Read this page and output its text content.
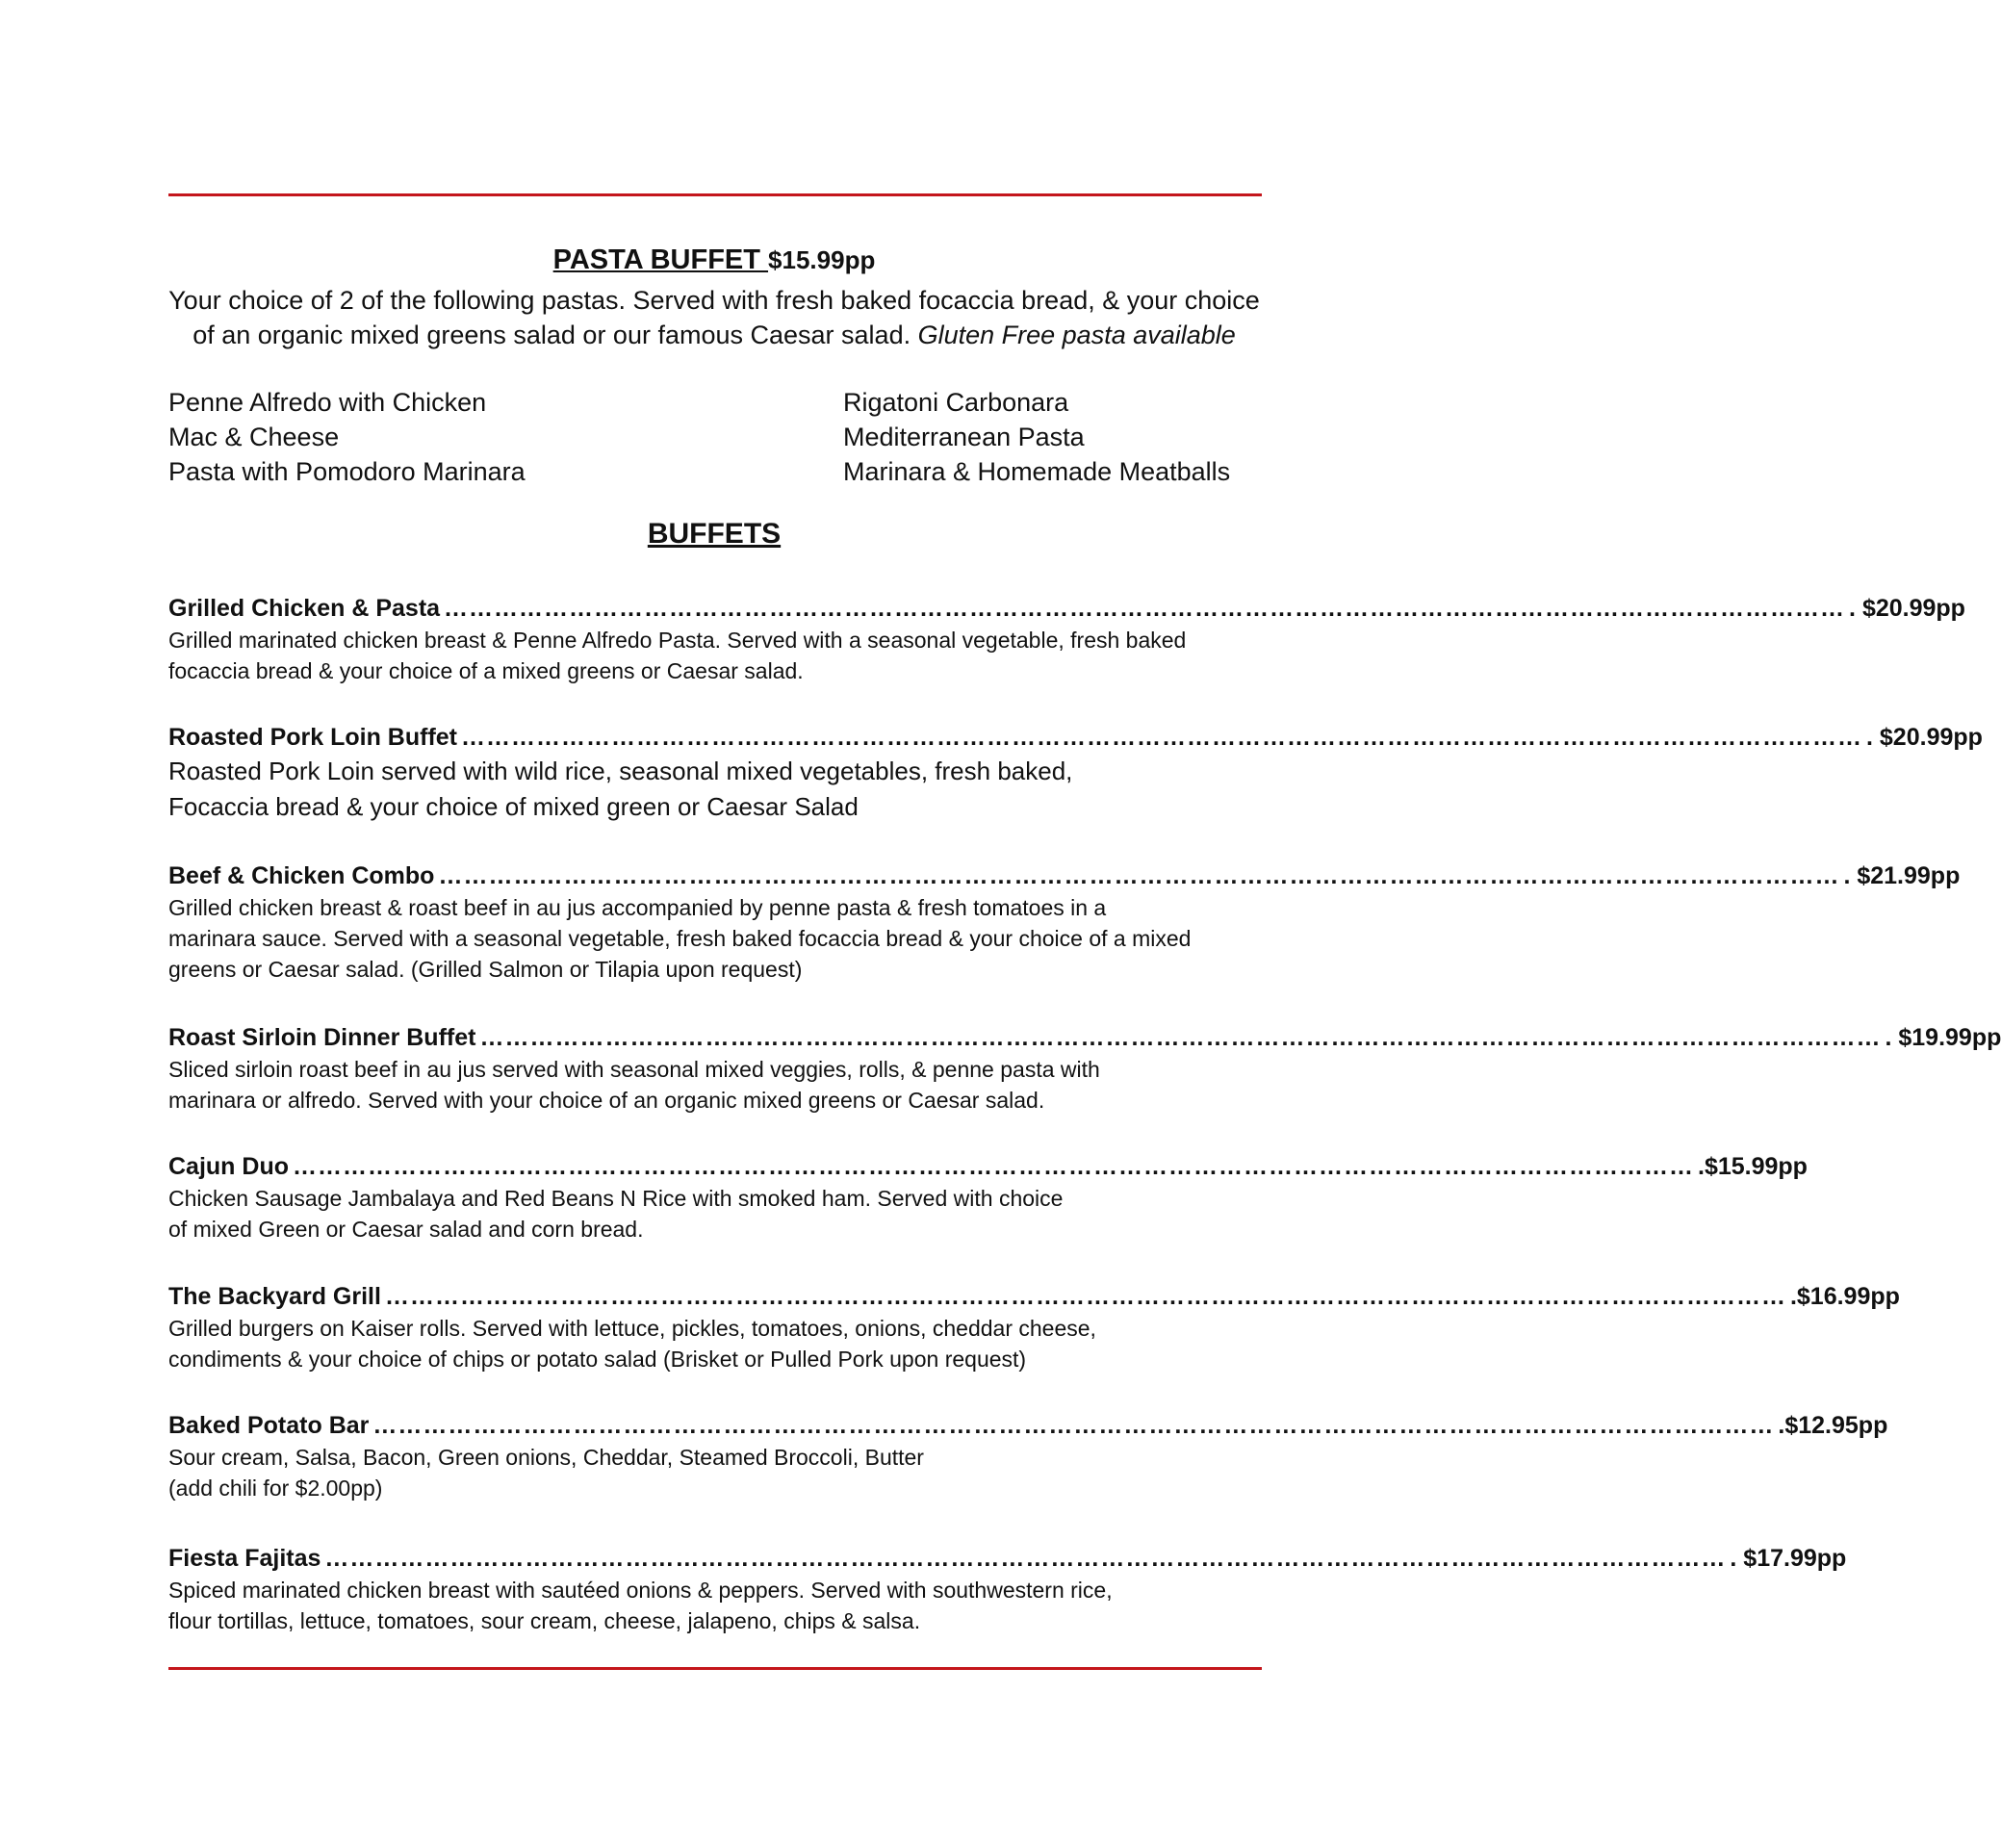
PASTA BUFFET $15.99pp
Your choice of 2 of the following pastas. Served with fresh baked focaccia bread, & your choice
of an organic mixed greens salad or our famous Caesar salad. Gluten Free pasta available
Penne Alfredo with Chicken
Mac & Cheese
Pasta with Pomodoro Marinara
Rigatoni Carbonara
Mediterranean Pasta
Marinara & Homemade Meatballs
BUFFETS
Grilled Chicken & Pasta …………………………………………………………………………………………………………………………………………………… . $20.99pp
Grilled marinated chicken breast & Penne Alfredo Pasta. Served with a seasonal vegetable, fresh baked
focaccia bread & your choice of a mixed greens or Caesar salad.
Roasted Pork Loin Buffet …………………………………………………………………………………………………………………………………………………… . $20.99pp
Roasted Pork Loin served with wild rice, seasonal mixed vegetables, fresh baked,
Focaccia bread & your choice of mixed green or Caesar Salad
Beef & Chicken Combo …………………………………………………………………………………………………………………………………………………… . $21.99pp
Grilled chicken breast & roast beef in au jus accompanied by penne pasta & fresh tomatoes in a
marinara sauce. Served with a seasonal vegetable, fresh baked focaccia bread & your choice of a mixed
greens or Caesar salad. (Grilled Salmon or Tilapia upon request)
Roast Sirloin Dinner Buffet …………………………………………………………………………………………………………………………………………………… . $19.99pp
Sliced sirloin roast beef in au jus served with seasonal mixed veggies, rolls, & penne pasta with
marinara or alfredo. Served with your choice of an organic mixed greens or Caesar salad.
Cajun Duo …………………………………………………………………………………………………………………………………………………… .$15.99pp
Chicken Sausage Jambalaya and Red Beans N Rice with smoked ham. Served with choice
of mixed Green or Caesar salad and corn bread.
The Backyard Grill …………………………………………………………………………………………………………………………………………………… .$16.99pp
Grilled burgers on Kaiser rolls. Served with lettuce, pickles, tomatoes, onions, cheddar cheese,
condiments & your choice of chips or potato salad (Brisket or Pulled Pork upon request)
Baked Potato Bar …………………………………………………………………………………………………………………………………………………… .$12.95pp
Sour cream, Salsa, Bacon, Green onions, Cheddar, Steamed Broccoli, Butter
(add chili for $2.00pp)
Fiesta Fajitas …………………………………………………………………………………………………………………………………………………… . $17.99pp
Spiced marinated chicken breast with sautéed onions & peppers. Served with southwestern rice,
flour tortillas, lettuce, tomatoes, sour cream, cheese, jalapeno, chips & salsa.
